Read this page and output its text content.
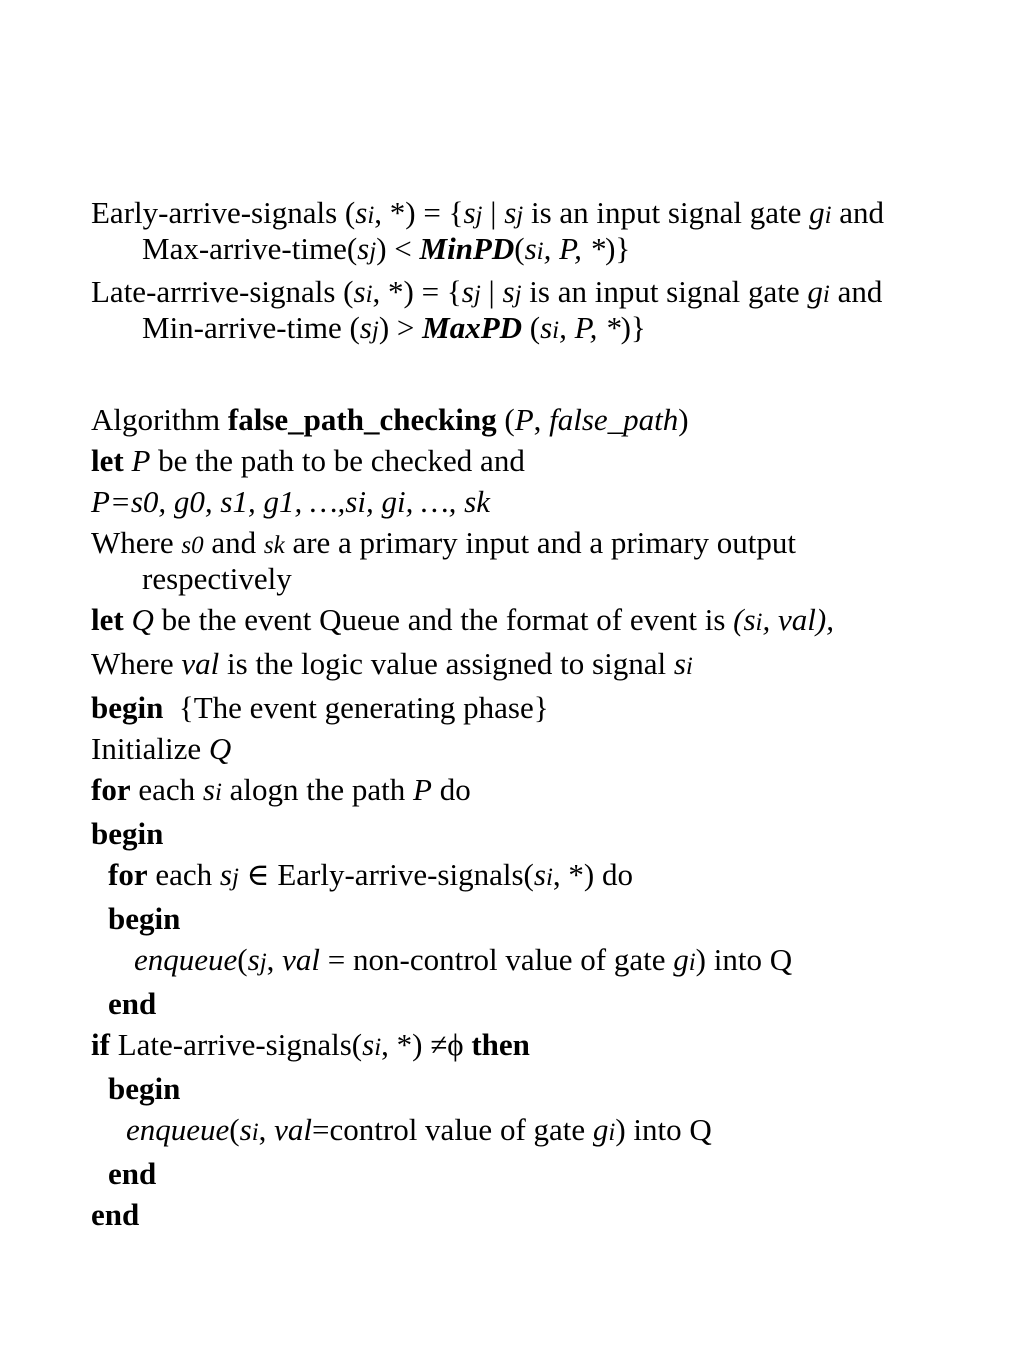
Early-arrive-signals (si, *) = {sj | sj is an input signal gate gi and
Max-arrive-time(sj) < MinPD(si, P, *)}
Late-arrrive-signals (si, *) = {sj | sj is an input signal gate gi and
Min-arrive-time (sj) > MaxPD (si, P, *)}
Algorithm false_path_checking (P, false_path)
let P be the path to be checked and
P=s0, g0, s1, g1, …,si, gi, …, sk
Where s0 and sk are a primary input and a primary output
respectively
let Q be the event Queue and the format of event is (si, val),
Where val is the logic value assigned to signal si
begin  {The event generating phase}
Initialize Q
for each si alogn the path P do
begin
for each sj ∈ Early-arrive-signals(si, *) do
begin
enqueue(sj, val = non-control value of gate gi) into Q
end
if Late-arrive-signals(si, *) ≠ϕ then
begin
enqueue(si, val=control value of gate gi) into Q
end
end
